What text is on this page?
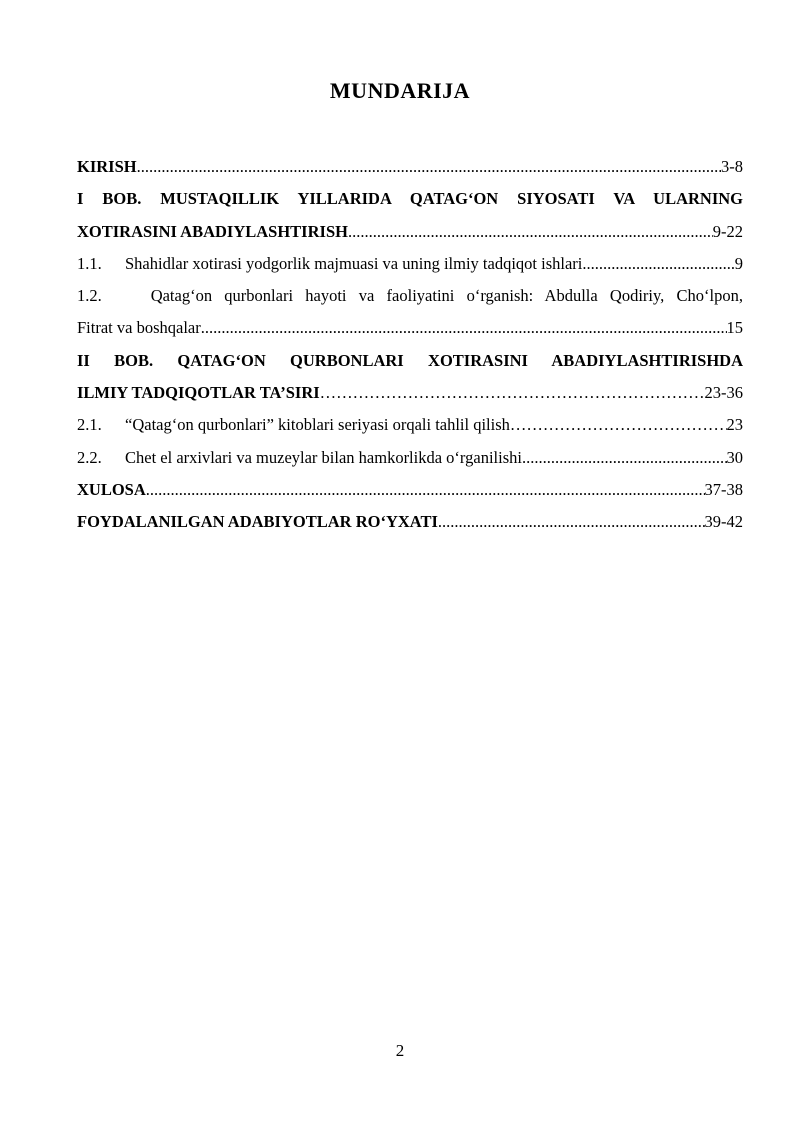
MUNDARIJA
KIRISH .....	3-8
I BOB. MUSTAQILLIK YILLARIDA QATAG‘ON SIYOSATI VA ULARNING
XOTIRASINI ABADIYLASHTIRISH .....	9-22
1.1.	Shahidlar xotirasi yodgorlik majmuasi va uning ilmiy tadqiqot ishlari .....	9
1.2.	Qatag‘on qurbonlari hayoti va faoliyatini o‘rganish: Abdulla Qodiriy, Cho‘lpon,
Fitrat va boshqalar .....	15
II BOB. QATAG‘ON QURBONLARI XOTIRASINI ABADIYLASHTIRISHDA
ILMIY TADQIQOTLAR TA’SIRI ……………………………………………………………………………………………………………………………………	23-36
2.1.	“Qatag‘on qurbonlari” kitoblari seriyasi orqali tahlil qilish ……………………………………………………………………………………………………………………………………	23
2.2.	Chet el arxivlari va muzeylar bilan hamkorlikda o‘rganilishi .....	30
XULOSA .....	37-38
FOYDALANILGAN ADABIYOTLAR RO‘YXATI .....	39-42
2
